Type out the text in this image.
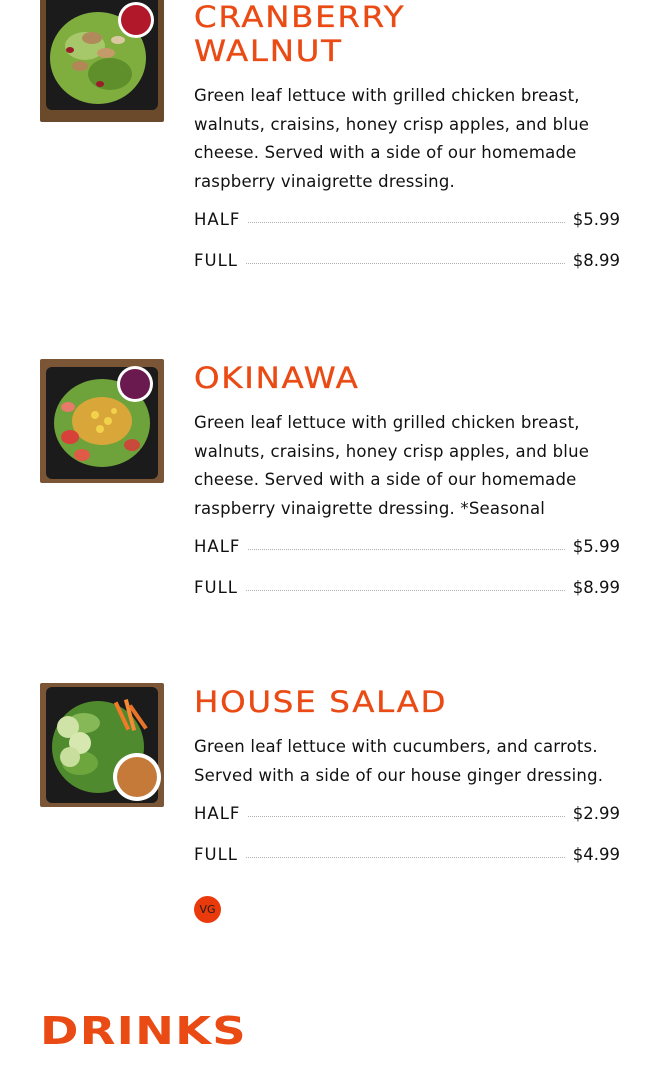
CRANBERRY
WALNUT

Green leaf lettuce with grilled chicken breast, walnuts, craisins, honey crisp apples, and blue cheese. Served with a side of our homemade raspberry vinaigrette dressing.

HALF	$5.99
FULL	$8.99
OKINAWA

Green leaf lettuce with grilled chicken breast, walnuts, craisins, honey crisp apples, and blue cheese. Served with a side of our homemade raspberry vinaigrette dressing. *Seasonal

HALF	$5.99
FULL	$8.99
HOUSE SALAD

Green leaf lettuce with cucumbers, and carrots. Served with a side of our house ginger dressing.

HALF	$2.99
FULL	$4.99
VG
DRINKS
